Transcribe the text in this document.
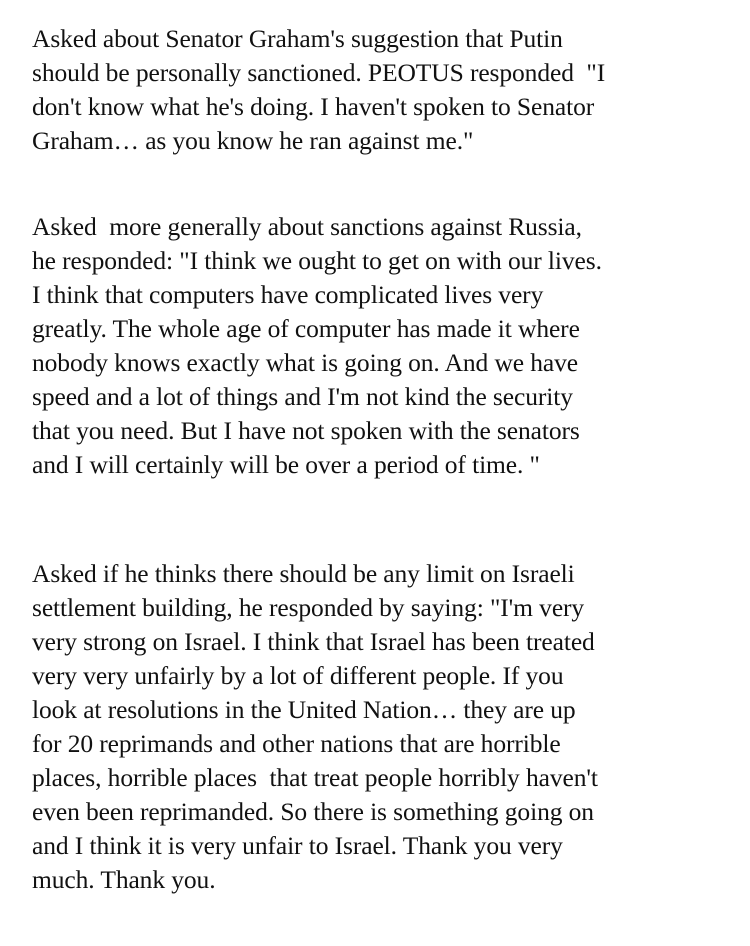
Asked about Senator Graham's suggestion that Putin
should be personally sanctioned. PEOTUS responded  "I
don't know what he's doing. I haven't spoken to Senator
Graham… as you know he ran against me."
Asked  more generally about sanctions against Russia,
he responded: "I think we ought to get on with our lives.
I think that computers have complicated lives very
greatly. The whole age of computer has made it where
nobody knows exactly what is going on. And we have
speed and a lot of things and I'm not kind the security
that you need. But I have not spoken with the senators
and I will certainly will be over a period of time. "
Asked if he thinks there should be any limit on Israeli
settlement building, he responded by saying: "I'm very
very strong on Israel. I think that Israel has been treated
very very unfairly by a lot of different people. If you
look at resolutions in the United Nation… they are up
for 20 reprimands and other nations that are horrible
places, horrible places  that treat people horribly haven't
even been reprimanded. So there is something going on
and I think it is very unfair to Israel. Thank you very
much. Thank you.
